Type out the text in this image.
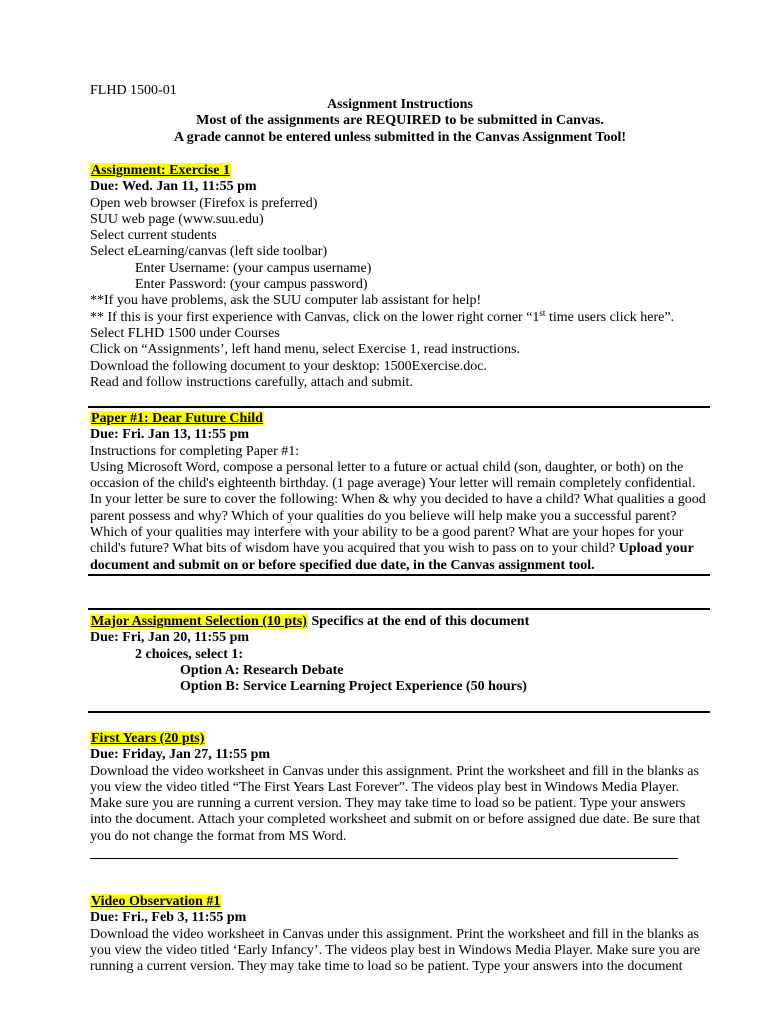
FLHD 1500-01
Assignment Instructions
Most of the assignments are REQUIRED to be submitted in Canvas.
A grade cannot be entered unless submitted in the Canvas Assignment Tool!
Assignment: Exercise 1
Due: Wed. Jan 11, 11:55 pm
Open web browser (Firefox is preferred)
SUU web page (www.suu.edu)
Select current students
Select eLearning/canvas (left side toolbar)
Enter Username: (your campus username)
Enter Password: (your campus password)
**If you have problems, ask the SUU computer lab assistant for help!
** If this is your first experience with Canvas, click on the lower right corner “1st time users click here”.
Select FLHD 1500 under Courses
Click on “Assignments’, left hand menu, select Exercise 1, read instructions.
Download the following document to your desktop: 1500Exercise.doc.
Read and follow instructions carefully, attach and submit.
Paper #1: Dear Future Child
Due: Fri. Jan 13, 11:55 pm
Instructions for completing Paper #1:
Using Microsoft Word, compose a personal letter to a future or actual child (son, daughter, or both) on the occasion of the child's eighteenth birthday. (1 page average) Your letter will remain completely confidential. In your letter be sure to cover the following: When & why you decided to have a child? What qualities a good parent possess and why? Which of your qualities do you believe will help make you a successful parent? Which of your qualities may interfere with your ability to be a good parent? What are your hopes for your child's future? What bits of wisdom have you acquired that you wish to pass on to your child? Upload your document and submit on or before specified due date, in the Canvas assignment tool.
Major Assignment Selection (10 pts) Specifics at the end of this document
Due: Fri, Jan 20, 11:55 pm
2 choices, select 1:
Option A: Research Debate
Option B: Service Learning Project Experience (50 hours)
First Years (20 pts)
Due: Friday, Jan 27, 11:55 pm
Download the video worksheet in Canvas under this assignment. Print the worksheet and fill in the blanks as you view the video titled “The First Years Last Forever”. The videos play best in Windows Media Player. Make sure you are running a current version. They may take time to load so be patient. Type your answers into the document. Attach your completed worksheet and submit on or before assigned due date. Be sure that you do not change the format from MS Word.
Video Observation #1
Due: Fri., Feb 3, 11:55 pm
Download the video worksheet in Canvas under this assignment. Print the worksheet and fill in the blanks as you view the video titled ‘Early Infancy’. The videos play best in Windows Media Player. Make sure you are running a current version. They may take time to load so be patient. Type your answers into the document
